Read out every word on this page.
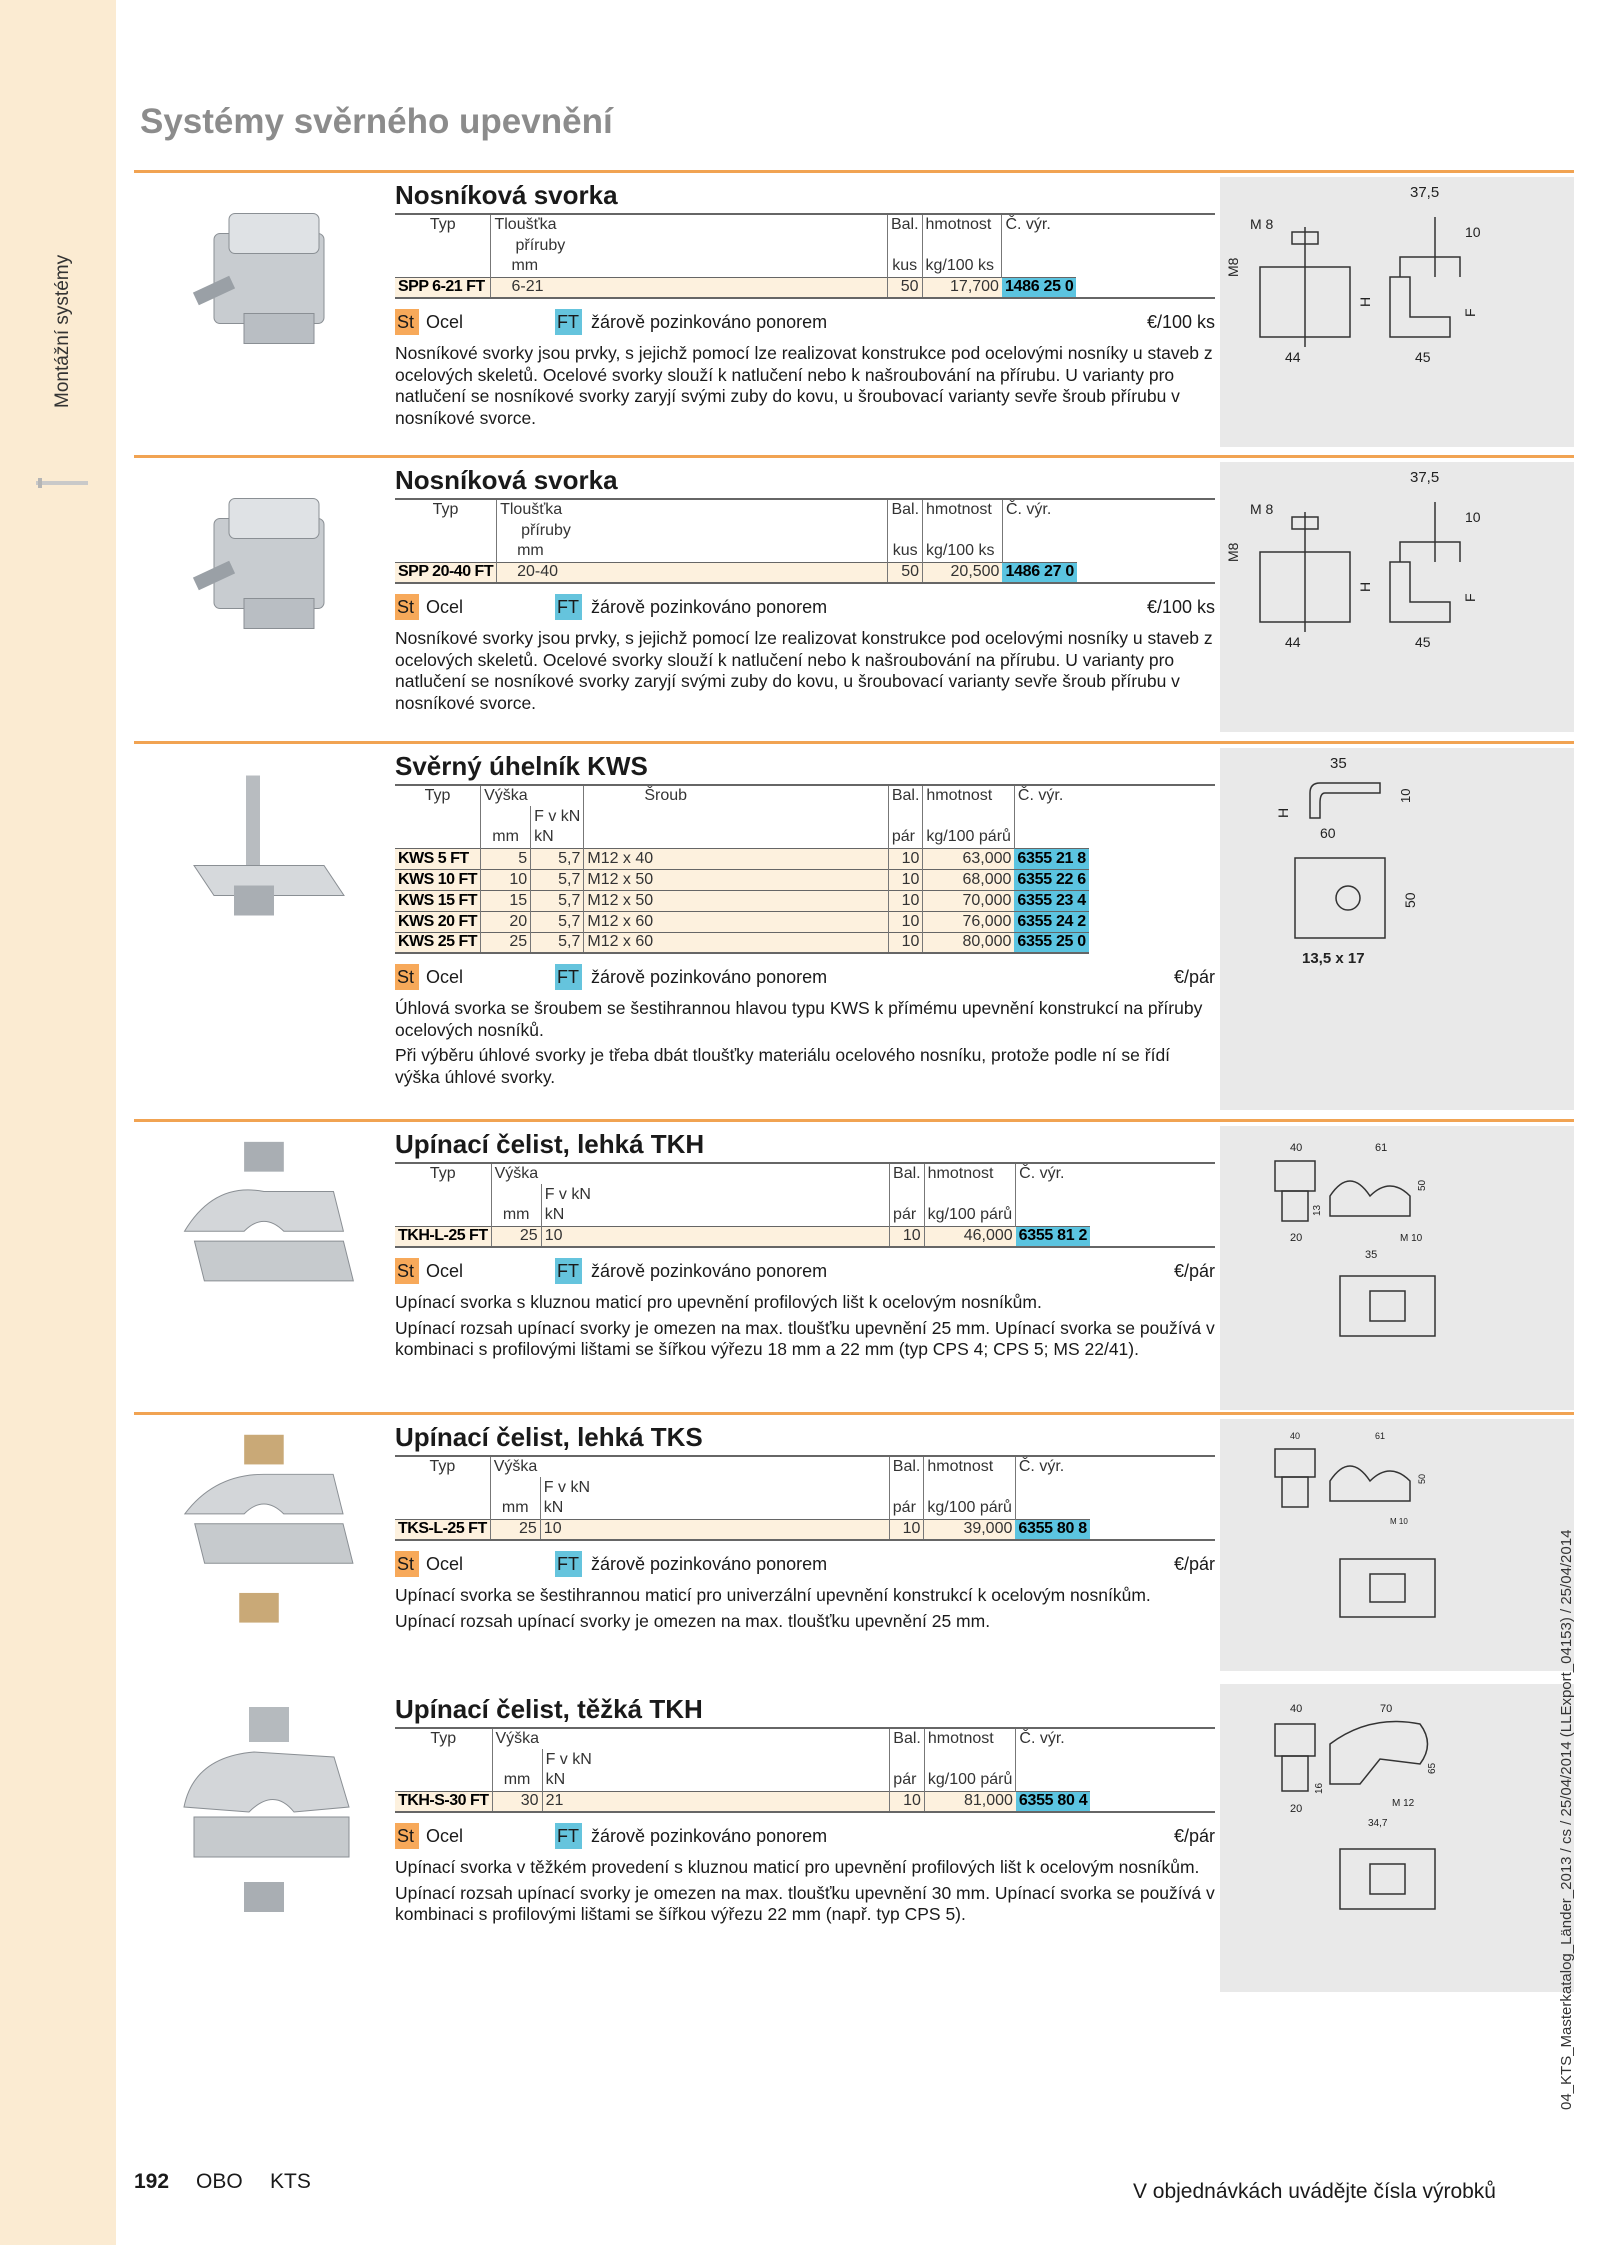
Montážní systémy
Systémy svěrného upevnění
Nosníková svorka
Typ	Tloušťka	Bal.	hmotnost	Č. výr.	
	příruby				
	mm	kus	kg/100 ks		
SPP 6-21 FT	6-21	50	17,700	1486 25 0	
St Ocel	FT žárově pozinkováno ponorem	€/100 ks

Nosníkové svorky jsou prvky, s jejichž pomocí lze realizovat konstrukce pod ocelovými nosníky u staveb z ocelových skeletů. Ocelové svorky slouží k natlučení nebo k našroubování na přírubu. U varianty pro natlučení se nosníkové svorky zaryjí svými zuby do kovu, u šroubovací varianty sevře šroub přírubu v nosníkové svorce.

37,5
M 8	10
M8
H
F
44	45
Nosníková svorka
Typ	Tloušťka	Bal.	hmotnost	Č. výr.	
	příruby				
	mm	kus	kg/100 ks		
SPP 20-40 FT	20-40	50	20,500	1486 27 0	
St Ocel	FT žárově pozinkováno ponorem	€/100 ks

Nosníkové svorky jsou prvky, s jejichž pomocí lze realizovat konstrukce pod ocelovými nosníky u staveb z ocelových skeletů. Ocelové svorky slouží k natlučení nebo k našroubování na přírubu. U varianty pro natlučení se nosníkové svorky zaryjí svými zuby do kovu, u šroubovací varianty sevře šroub přírubu v nosníkové svorce.

37,5
M 8	10
M8
H
F
44	45
Svěrný úhelník KWS
Typ	Výška		Šroub	Bal.	hmotnost	Č. výr.	
		F v kN					
	mm	kN		pár	kg/100 párů		
KWS 5 FT	5	5,7	M12 x 40	10	63,000	6355 21 8	
KWS 10 FT	10	5,7	M12 x 50	10	68,000	6355 22 6	
KWS 15 FT	15	5,7	M12 x 50	10	70,000	6355 23 4	
KWS 20 FT	20	5,7	M12 x 60	10	76,000	6355 24 2	
KWS 25 FT	25	5,7	M12 x 60	10	80,000	6355 25 0	
St Ocel	FT žárově pozinkováno ponorem	€/pár

Úhlová svorka se šroubem se šestihrannou hlavou typu KWS k přímému upevnění konstrukcí na příruby ocelových nosníků.

Při výběru úhlové svorky je třeba dbát tloušťky materiálu ocelového nosníku, protože podle ní se řídí výška úhlové svorky.

35
10
H
60
50
13,5 x 17
Upínací čelist, lehká TKH
Typ	Výška		Bal.	hmotnost	Č. výr.	
		F v kN				
	mm	kN	pár	kg/100 párů		
TKH-L-25 FT	25	10	10	46,000	6355 81 2	
St Ocel	FT žárově pozinkováno ponorem	€/pár

Upínací svorka s kluznou maticí pro upevnění profilových lišt k ocelovým nosníkům.

Upínací rozsah upínací svorky je omezen na max. tloušťku upevnění 25 mm. Upínací svorka se používá v kombinaci s profilovými lištami se šířkou výřezu 18 mm a 22 mm (typ CPS 4; CPS 5; MS 22/41).

40	61
13
50
20	M 10
35
Upínací čelist, lehká TKS
Typ	Výška		Bal.	hmotnost	Č. výr.	
		F v kN				
	mm	kN	pár	kg/100 párů		
TKS-L-25 FT	25	10	10	39,000	6355 80 8	
St Ocel	FT žárově pozinkováno ponorem	€/pár

Upínací svorka se šestihrannou maticí pro univerzální upevnění konstrukcí k ocelovým nosníkům.

Upínací rozsah upínací svorky je omezen na max. tloušťku upevnění 25 mm.

40	61
50
M 10
Upínací čelist, těžká TKH
Typ	Výška		Bal.	hmotnost	Č. výr.	
		F v kN				
	mm	kN	pár	kg/100 párů		
TKH-S-30 FT	30	21	10	81,000	6355 80 4	
St Ocel	FT žárově pozinkováno ponorem	€/pár

Upínací svorka v těžkém provedení s kluznou maticí pro upevnění profilových lišt k ocelovým nosníkům.

Upínací rozsah upínací svorky je omezen na max. tloušťku upevnění 30 mm. Upínací svorka se používá v kombinaci s profilovými lištami se šířkou výřezu 22 mm (např. typ CPS 5).

40	70
16
65
20	M 12
34,7
192 OBO KTS	V objednávkách uvádějte čísla výrobků
04_KTS_Masterkatalog_Länder_2013 / cs / 25/04/2014 (LLExport_04153) / 25/04/2014
